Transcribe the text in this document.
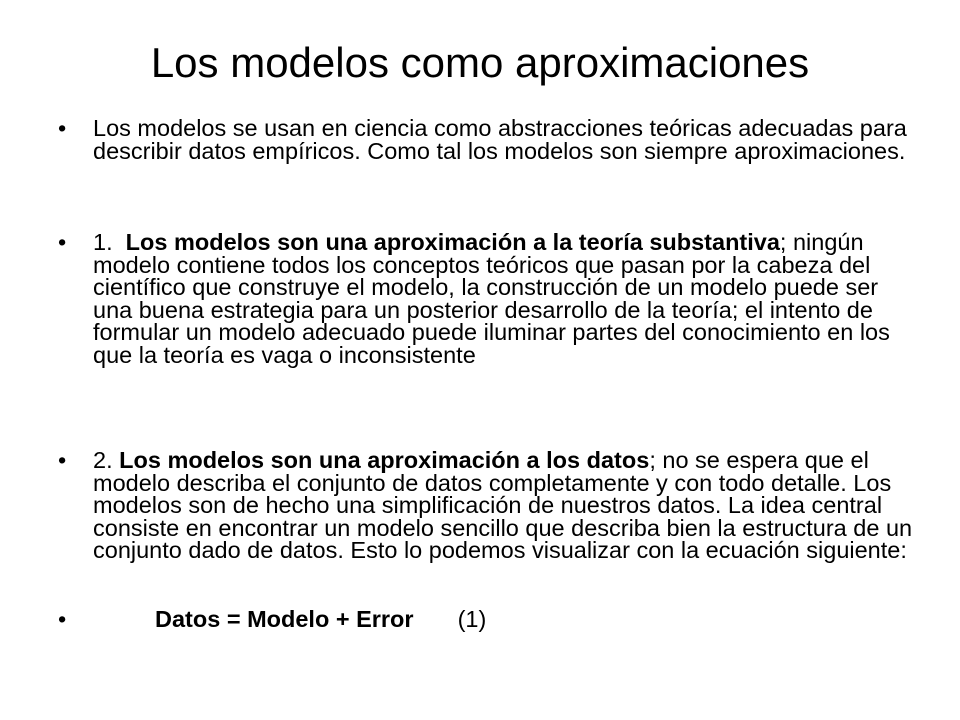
Los modelos como aproximaciones
•	Los modelos se usan en ciencia como abstracciones teóricas adecuadas para describir datos empíricos. Como tal los modelos son siempre aproximaciones.
•	1.  Los modelos son una aproximación a la teoría substantiva; ningún modelo contiene todos los conceptos teóricos que pasan por la cabeza del científico que construye el modelo, la construcción de un modelo puede ser una buena estrategia para un posterior desarrollo de la teoría; el intento de formular un modelo adecuado puede iluminar partes del conocimiento en los que la teoría es vaga o inconsistente
•	2. Los modelos son una aproximación a los datos; no se espera que el modelo describa el conjunto de datos completamente y con todo detalle. Los modelos son de hecho una simplificación de nuestros datos. La idea central consiste en encontrar un modelo sencillo que describa bien la estructura de un conjunto dado de datos. Esto lo podemos visualizar con la ecuación siguiente:
•	Datos = Modelo + Error (1)
